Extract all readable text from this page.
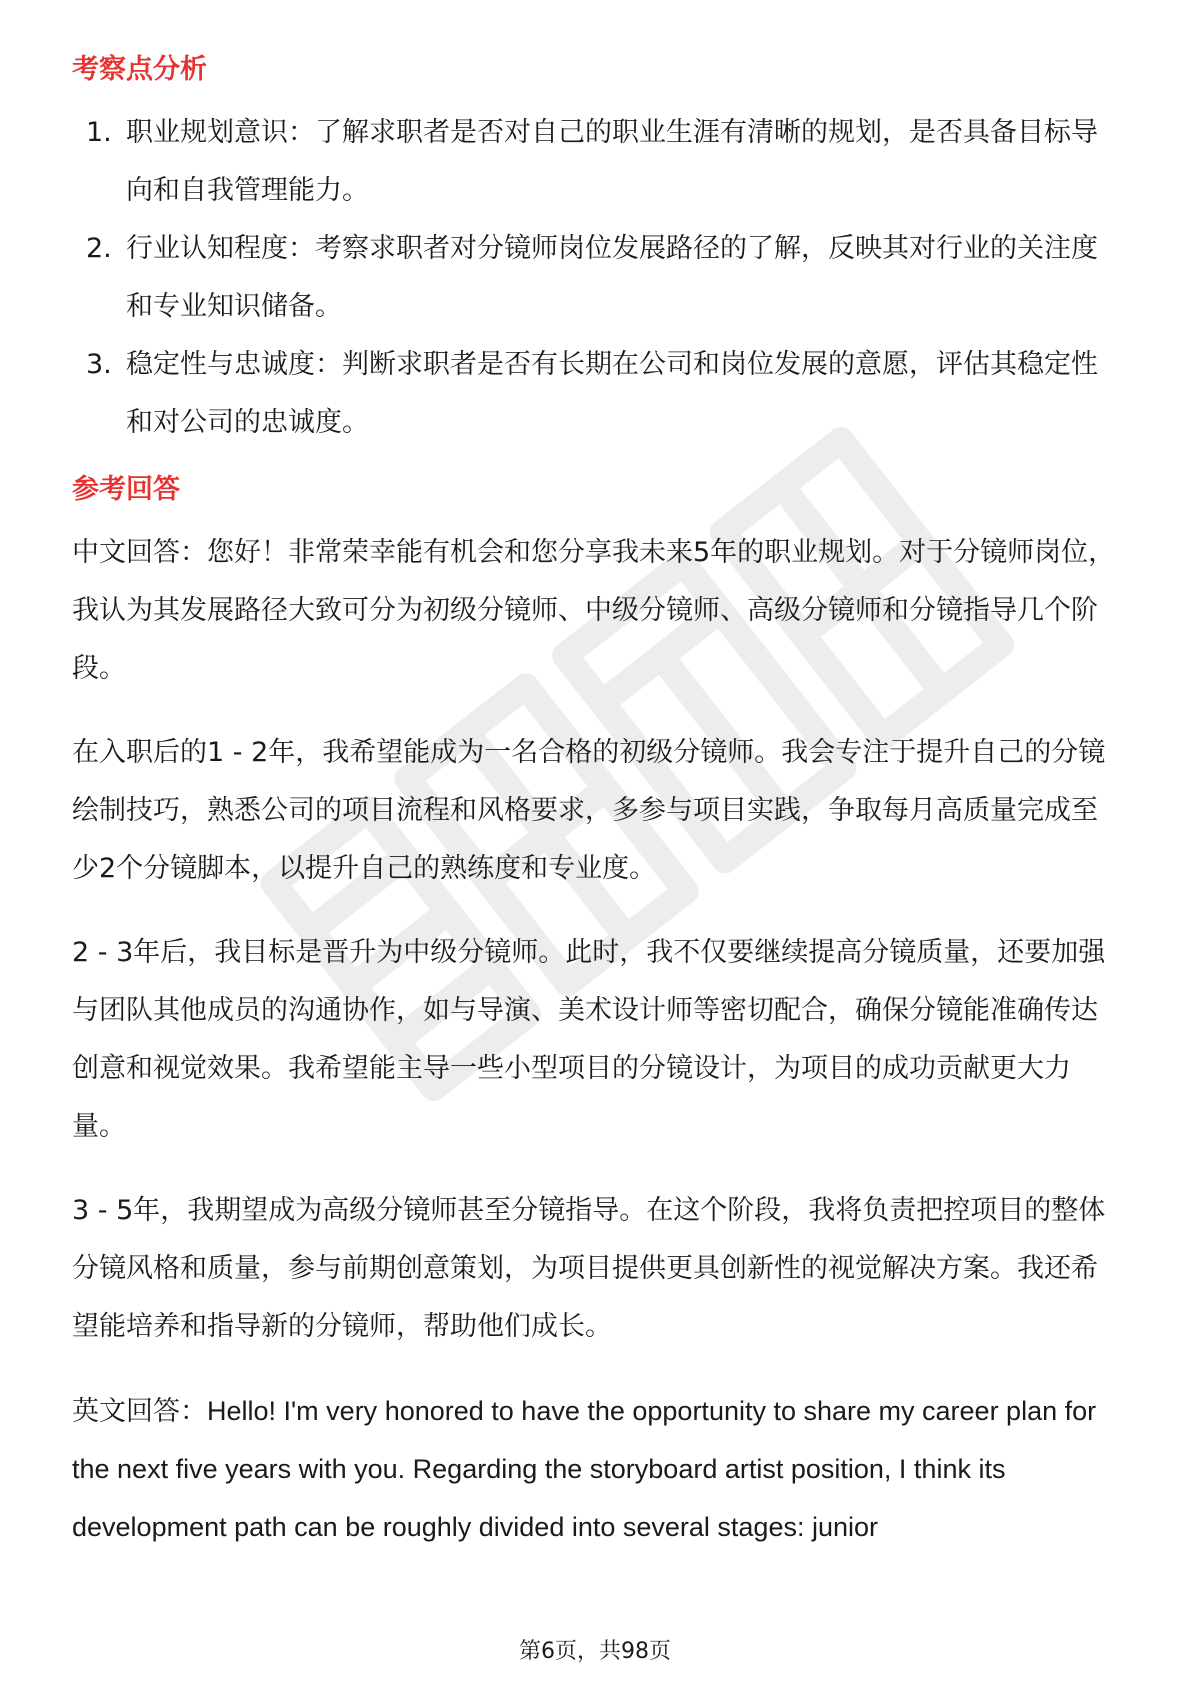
考察点分析
1. 职业规划意识：了解求职者是否对自己的职业生涯有清晰的规划，是否具备目标导向和自我管理能力。
2. 行业认知程度：考察求职者对分镜师岗位发展路径的了解，反映其对行业的关注度和专业知识储备。
3. 稳定性与忠诚度：判断求职者是否有长期在公司和岗位发展的意愿，评估其稳定性和对公司的忠诚度。
参考回答

中文回答：您好！非常荣幸能有机会和您分享我未来5年的职业规划。对于分镜师岗位，我认为其发展路径大致可分为初级分镜师、中级分镜师、高级分镜师和分镜指导几个阶段。

在入职后的1 - 2年，我希望能成为一名合格的初级分镜师。我会专注于提升自己的分镜绘制技巧，熟悉公司的项目流程和风格要求，多参与项目实践，争取每月高质量完成至少2个分镜脚本，以提升自己的熟练度和专业度。

2 - 3年后，我目标是晋升为中级分镜师。此时，我不仅要继续提高分镜质量，还要加强与团队其他成员的沟通协作，如与导演、美术设计师等密切配合，确保分镜能准确传达创意和视觉效果。我希望能主导一些小型项目的分镜设计，为项目的成功贡献更大力量。

3 - 5年，我期望成为高级分镜师甚至分镜指导。在这个阶段，我将负责把控项目的整体分镜风格和质量，参与前期创意策划，为项目提供更具创新性的视觉解决方案。我还希望能培养和指导新的分镜师，帮助他们成长。

英文回答：Hello! I'm very honored to have the opportunity to share my career plan for the next five years with you. Regarding the storyboard artist position, I think its development path can be roughly divided into several stages: junior

第6页，共98页
